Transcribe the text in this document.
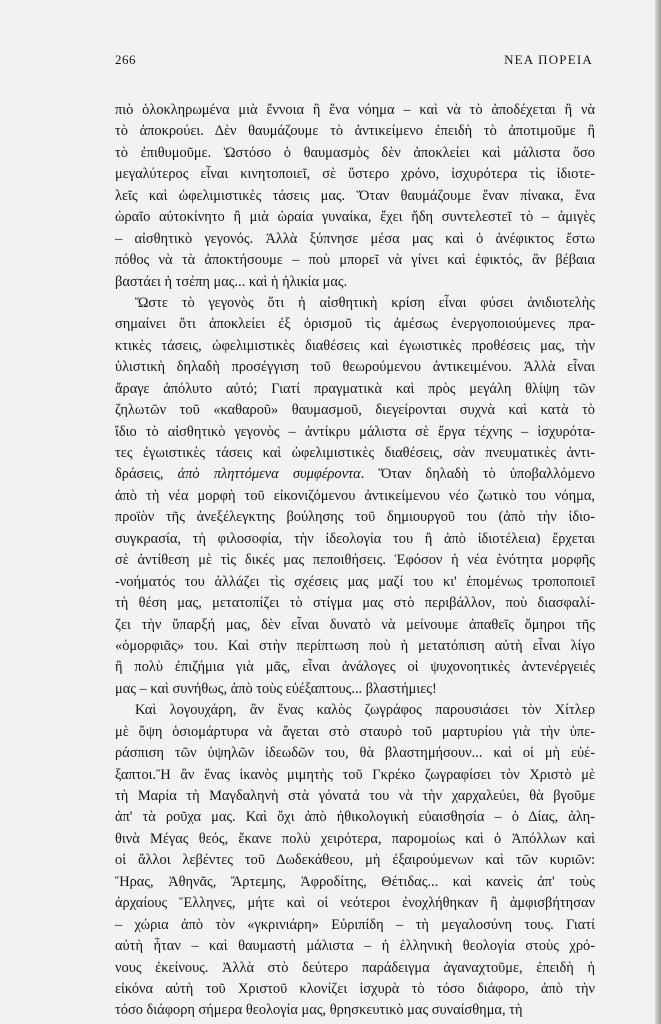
266	ΝΕΑ ΠΟΡΕΙΑ
πιὸ ὁλοκληρωμένα μιὰ ἔννοια ἢ ἕνα νόημα – καὶ νὰ τὸ ἀποδέχεται ἢ νὰ
τὸ ἀποκρούει. Δὲν θαυμάζουμε τὸ ἀντικείμενο ἐπειδὴ τὸ ἀποτιμοῦμε ἢ
τὸ ἐπιθυμοῦμε. Ὡστόσο ὁ θαυμασμὸς δὲν ἀποκλείει καὶ μάλιστα ὅσο
μεγαλύτερος εἶναι κινητοποιεῖ, σὲ ὕστερο χρόνο, ἰσχυρότερα τὶς ἰδιοτε-
λεῖς καὶ ὠφελιμιστικὲς τάσεις μας. Ὅταν θαυμάζουμε ἕναν πίνακα, ἕνα
ὡραῖο αὐτοκίνητο ἢ μιὰ ὡραία γυναίκα, ἔχει ἤδη συντελεστεῖ τὸ – ἀμιγὲς
– αἰσθητικὸ γεγονός. Ἀλλὰ ξύπνησε μέσα μας καὶ ὁ ἀνέφικτος ἔστω
πόθος νὰ τὰ ἀποκτήσουμε – ποὺ μπορεῖ νὰ γίνει καὶ ἐφικτός, ἂν βέβαια
βαστάει ἡ τσέπη μας... καὶ ἡ ἡλικία μας.
Ὥστε τὸ γεγονὸς ὅτι ἡ αἰσθητικὴ κρίση εἶναι φύσει ἀνιδιοτελὴς
σημαίνει ὅτι ἀποκλείει ἐξ ὁρισμοῦ τὶς ἀμέσως ἐνεργοποιούμενες πρα-
κτικὲς τάσεις, ὠφελιμιστικὲς διαθέσεις καὶ ἐγωιστικὲς προθέσεις μας, τὴν
ὑλιστικὴ δηλαδὴ προσέγγιση τοῦ θεωρούμενου ἀντικειμένου. Ἀλλὰ εἶναι
ἄραγε ἀπόλυτο αὐτό; Γιατί πραγματικὰ καὶ πρὸς μεγάλη θλίψη τῶν
ζηλωτῶν τοῦ «καθαροῦ» θαυμασμοῦ, διεγείρονται συχνὰ καὶ κατὰ τὸ
ἴδιο τὸ αἰσθητικὸ γεγονὸς – ἀντίκρυ μάλιστα σὲ ἔργα τέχνης – ἰσχυρότα-
τες ἐγωιστικὲς τάσεις καὶ ὠφελιμιστικὲς διαθέσεις, σὰν πνευματικὲς ἀντι-
δράσεις, ἀπὸ πληττόμενα συμφέροντα. Ὅταν δηλαδὴ τὸ ὑποβαλλόμενο
ἀπὸ τὴ νέα μορφὴ τοῦ εἰκονιζόμενου ἀντικείμενου νέο ζωτικὸ του νόημα,
προϊὸν τῆς ἀνεξέλεγκτης βούλησης τοῦ δημιουργοῦ του (ἀπὸ τὴν ἰδιο-
συγκρασία, τὴ φιλοσοφία, τὴν ἰδεολογία του ἢ ἀπὸ ἰδιοτέλεια) ἔρχεται
σὲ ἀντίθεση μὲ τὶς δικές μας πεποιθήσεις. Ἐφόσον ἡ νέα ἑνότητα μορφῆς
-νοήματός του ἀλλάζει τὶς σχέσεις μας μαζί του κι' ἑπομένως τροποποιεῖ
τὴ θέση μας, μετατοπίζει τὸ στίγμα μας στὸ περιβάλλον, ποὺ διασφαλί-
ζει τὴν ὕπαρξή μας, δὲν εἶναι δυνατὸ νὰ μείνουμε ἀπαθεῖς ὅμηροι τῆς
«ὁμορφιᾶς» του. Καὶ στὴν περίπτωση ποὺ ἡ μετατόπιση αὐτὴ εἶναι λίγο
ἢ πολὺ ἐπιζήμια γιὰ μᾶς, εἶναι ἀνάλογες οἱ ψυχονοητικὲς ἀντενέργειές
μας – καὶ συνήθως, ἀπὸ τοὺς εὐέξαπτους... βλαστήμιες!
Καὶ λογουχάρη, ἂν ἕνας καλὸς ζωγράφος παρουσιάσει τὸν Χίτλερ
μὲ ὄψη ὁσιομάρτυρα νὰ ἄγεται στὸ σταυρὸ τοῦ μαρτυρίου γιὰ τὴν ὑπε-
ράσπιση τῶν ὑψηλῶν ἰδεωδῶν του, θὰ βλαστημήσουν... καὶ οἱ μὴ εὐέ-
ξαπτοι.Ἢ ἂν ἕνας ἱκανὸς μιμητὴς τοῦ Γκρέκο ζωγραφίσει τὸν Χριστὸ μὲ
τὴ Μαρία τὴ Μαγδαληνὴ στὰ γόνατά του νὰ τὴν χαρχαλεύει, θὰ βγοῦμε
ἀπ' τὰ ροῦχα μας. Καὶ ὄχι ἀπὸ ἠθικολογικὴ εὐαισθησία – ὁ Δίας, ἀλη-
θινὰ Μέγας θεός, ἔκανε πολὺ χειρότερα, παρομοίως καὶ ὁ Ἀπόλλων καὶ
οἱ ἄλλοι λεβέντες τοῦ Δωδεκάθεου, μὴ ἐξαιρούμενων καὶ τῶν κυριῶν:
Ἥρας, Ἀθηνᾶς, Ἄρτεμης, Ἀφροδίτης, Θέτιδας... καὶ κανεὶς ἀπ' τοὺς
ἀρχαίους Ἕλληνες, μήτε καὶ οἱ νεότεροι ἐνοχλήθηκαν ἢ ἀμφισβήτησαν
– χώρια ἀπὸ τὸν «γκρινιάρη» Εὐριπίδη – τὴ μεγαλοσύνη τους. Γιατί
αὐτὴ ἦταν – καὶ θαυμαστὴ μάλιστα – ἡ ἑλληνικὴ θεολογία στοὺς χρό-
νους ἐκείνους. Ἀλλὰ στὸ δεύτερο παράδειγμα ἀγαναχτοῦμε, ἐπειδὴ ἡ
εἰκόνα αὐτὴ τοῦ Χριστοῦ κλονίζει ἰσχυρὰ τὸ τόσο διάφορο, ἀπὸ τὴν
τόσο διάφορη σήμερα θεολογία μας, θρησκευτικὸ μας συναίσθημα, τὴ
